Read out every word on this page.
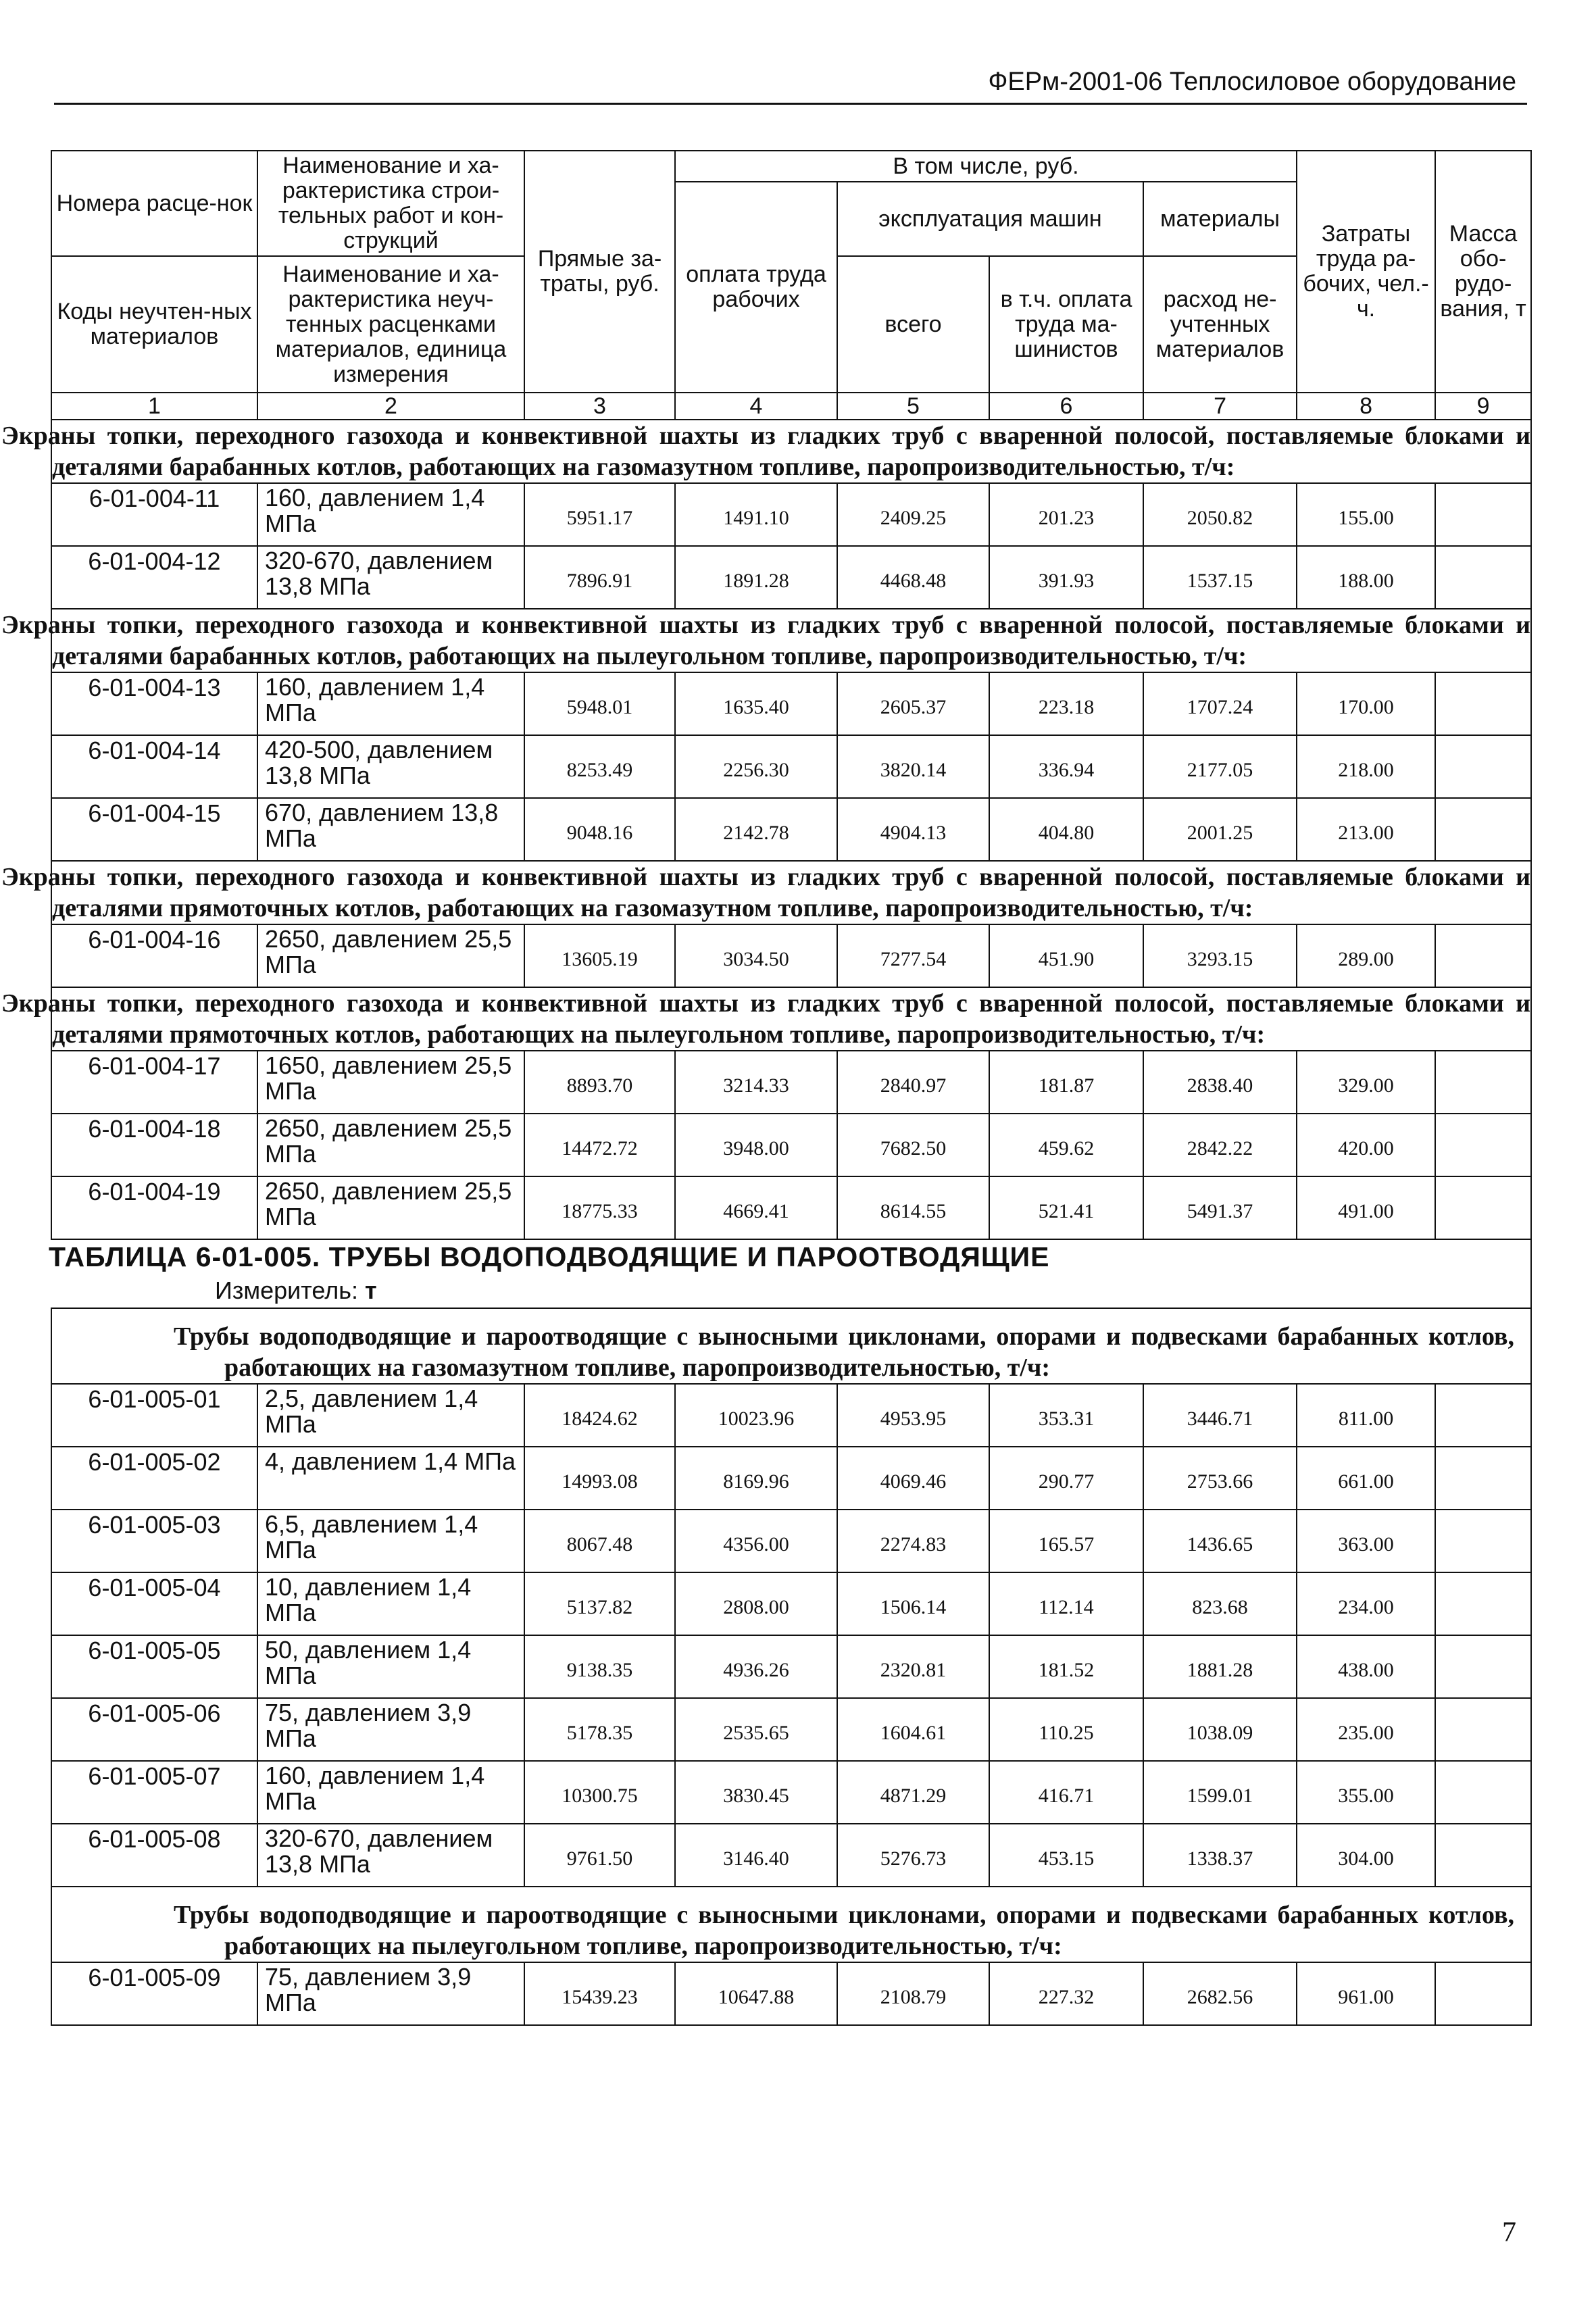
ФЕРм-2001-06 Теплосиловое оборудование
Номера расце-нок	Наименование и ха-рактеристика строи-тельных работ и кон-струкций	Прямые за-траты, руб.	В том числе, руб.				Затраты труда ра-бочих, чел.-ч.	Масса обо-рудо-вания, т
			оплата труда рабочих	эксплуатация машин		материалы		
Коды неучтен-ных материалов	Наименование и ха-рактеристика неуч-тенных расценками материалов, единица измерения			всего	в т.ч. оплата труда ма-шинистов	расход не-учтенных материалов		

1	2	3	4	5	6	7	8	9
Экраны топки, переходного газохода и конвективной шахты из гладких труб с вваренной полосой, поставляемые блоками и деталями барабанных котлов, работающих на газомазутном топливе, паропроизводительностью, т/ч:								
6-01-004-11	160, давлением 1,4 МПа	5951.17	1491.10	2409.25	201.23	2050.82	155.00	
6-01-004-12	320-670, давлением 13,8 МПа	7896.91	1891.28	4468.48	391.93	1537.15	188.00	
Экраны топки, переходного газохода и конвективной шахты из гладких труб с вваренной полосой, поставляемые блоками и деталями барабанных котлов, работающих на пылеугольном топливе, паропроизводительностью, т/ч:								
6-01-004-13	160, давлением 1,4 МПа	5948.01	1635.40	2605.37	223.18	1707.24	170.00	
6-01-004-14	420-500, давлением 13,8 МПа	8253.49	2256.30	3820.14	336.94	2177.05	218.00	
6-01-004-15	670, давлением 13,8 МПа	9048.16	2142.78	4904.13	404.80	2001.25	213.00	
Экраны топки, переходного газохода и конвективной шахты из гладких труб с вваренной полосой, поставляемые блоками и деталями прямоточных котлов, работающих на газомазутном топливе, паропроизводительностью, т/ч:								
6-01-004-16	2650, давлением 25,5 МПа	13605.19	3034.50	7277.54	451.90	3293.15	289.00	
Экраны топки, переходного газохода и конвективной шахты из гладких труб с вваренной полосой, поставляемые блоками и деталями прямоточных котлов, работающих на пылеугольном топливе, паропроизводительностью, т/ч:								
6-01-004-17	1650, давлением 25,5 МПа	8893.70	3214.33	2840.97	181.87	2838.40	329.00	
6-01-004-18	2650, давлением 25,5 МПа	14472.72	3948.00	7682.50	459.62	2842.22	420.00	
6-01-004-19	2650, давлением 25,5 МПа	18775.33	4669.41	8614.55	521.41	5491.37	491.00	

ТАБЛИЦА 6-01-005. ТРУБЫ ВОДОПОДВОДЯЩИЕ И ПАРООТВОДЯЩИЕ
Измеритель: т								

Трубы водоподводящие и пароотводящие с выносными циклонами, опорами и подвесками барабанных котлов, работающих на газомазутном топливе, паропроизводительностью, т/ч:								
6-01-005-01	2,5, давлением 1,4 МПа	18424.62	10023.96	4953.95	353.31	3446.71	811.00	
6-01-005-02	4, давлением 1,4 МПа	14993.08	8169.96	4069.46	290.77	2753.66	661.00	
6-01-005-03	6,5, давлением 1,4 МПа	8067.48	4356.00	2274.83	165.57	1436.65	363.00	
6-01-005-04	10, давлением 1,4 МПа	5137.82	2808.00	1506.14	112.14	823.68	234.00	
6-01-005-05	50, давлением 1,4 МПа	9138.35	4936.26	2320.81	181.52	1881.28	438.00	
6-01-005-06	75, давлением 3,9 МПа	5178.35	2535.65	1604.61	110.25	1038.09	235.00	
6-01-005-07	160, давлением 1,4 МПа	10300.75	3830.45	4871.29	416.71	1599.01	355.00	
6-01-005-08	320-670, давлением 13,8 МПа	9761.50	3146.40	5276.73	453.15	1338.37	304.00	
Трубы водоподводящие и пароотводящие с выносными циклонами, опорами и подвесками барабанных котлов, работающих на пылеугольном топливе, паропроизводительностью, т/ч:								
6-01-005-09	75, давлением 3,9 МПа	15439.23	10647.88	2108.79	227.32	2682.56	961.00	
7
